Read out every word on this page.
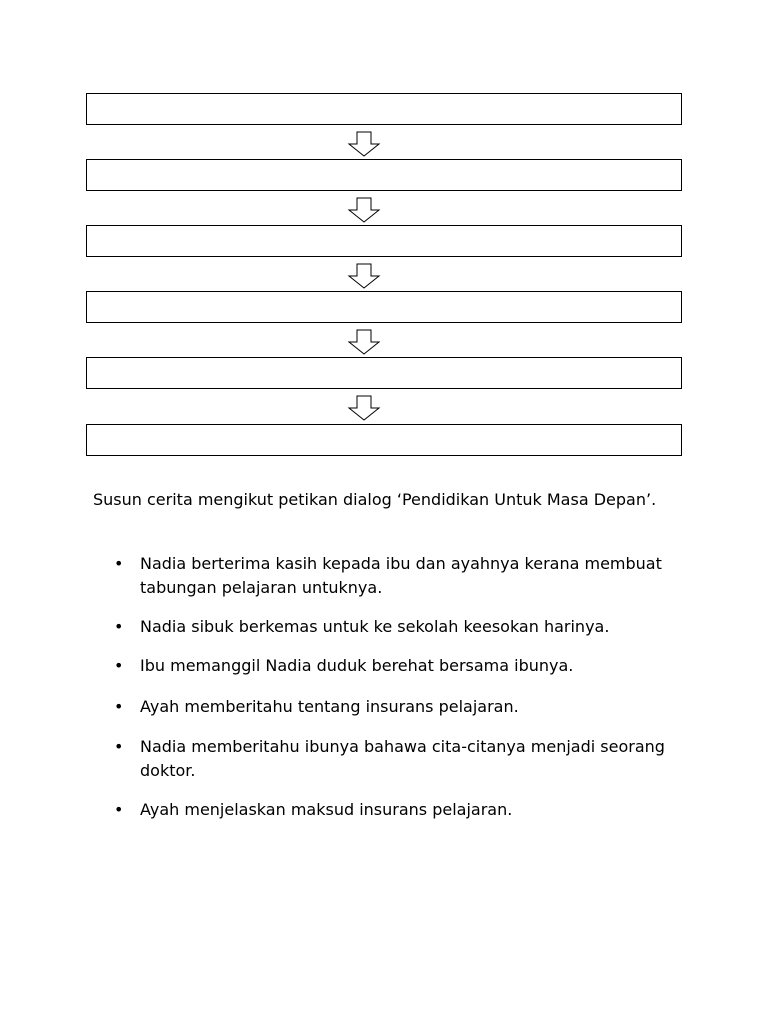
Susun cerita mengikut petikan dialog ‘Pendidikan Untuk Masa Depan’.

•	Nadia berterima kasih kepada ibu dan ayahnya kerana membuat tabungan pelajaran untuknya.
•	Nadia sibuk berkemas untuk ke sekolah keesokan harinya.
•	Ibu memanggil Nadia duduk berehat bersama ibunya.
•	Ayah memberitahu tentang insurans pelajaran.
•	Nadia memberitahu ibunya bahawa cita-citanya menjadi seorang doktor.
•	Ayah menjelaskan maksud insurans pelajaran.
